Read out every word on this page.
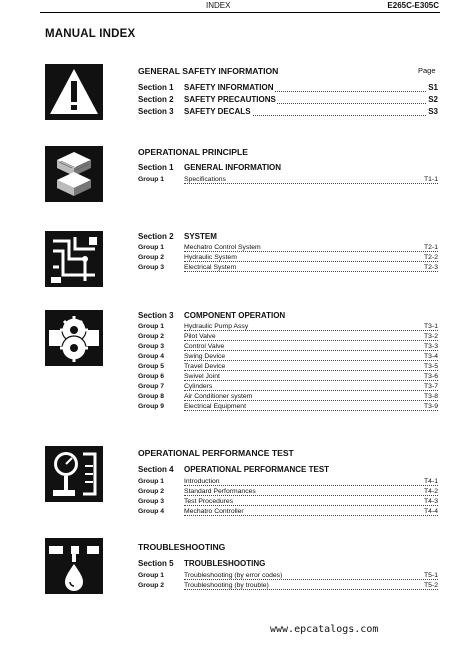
INDEX	E265C-E305C
MANUAL INDEX
GENERAL SAFETY INFORMATION	Page
Section 1 SAFETY INFORMATION	S1
Section 2 SAFETY PRECAUTIONS	S2
Section 3 SAFETY DECALS	S3
OPERATIONAL PRINCIPLE
Section 1 GENERAL INFORMATION
Group 1	Specifications	T1-1
Section 2 SYSTEM
Group 1	Mechatro Control System	T2-1
Group 2	Hydraulic System	T2-2
Group 3	Electrical System	T2-3
Section 3 COMPONENT OPERATION
Group 1	Hydraulic Pump Assy	T3-1
Group 2	Pilot Valve	T3-2
Group 3	Control Valve	T3-3
Group 4	Swing Device	T3-4
Group 5	Travel Device	T3-5
Group 6	Swivel Joint	T3-6
Group 7	Cylinders	T3-7
Group 8	Air Conditioner system	T3-8
Group 9	Electrical Equipment	T3-9
OPERATIONAL PERFORMANCE TEST
Section 4 OPERATIONAL PERFORMANCE TEST
Group 1	Introduction	T4-1
Group 2	Standard Performances	T4-2
Group 3	Test Procedures	T4-3
Group 4	Mechatro Controller	T4-4
TROUBLESHOOTING
Section 5 TROUBLESHOOTING
Group 1	Troubleshooting (by error codes)	T5-1
Group 2	Troubleshooting (by trouble)	T5-2
www.epcatalogs.com
